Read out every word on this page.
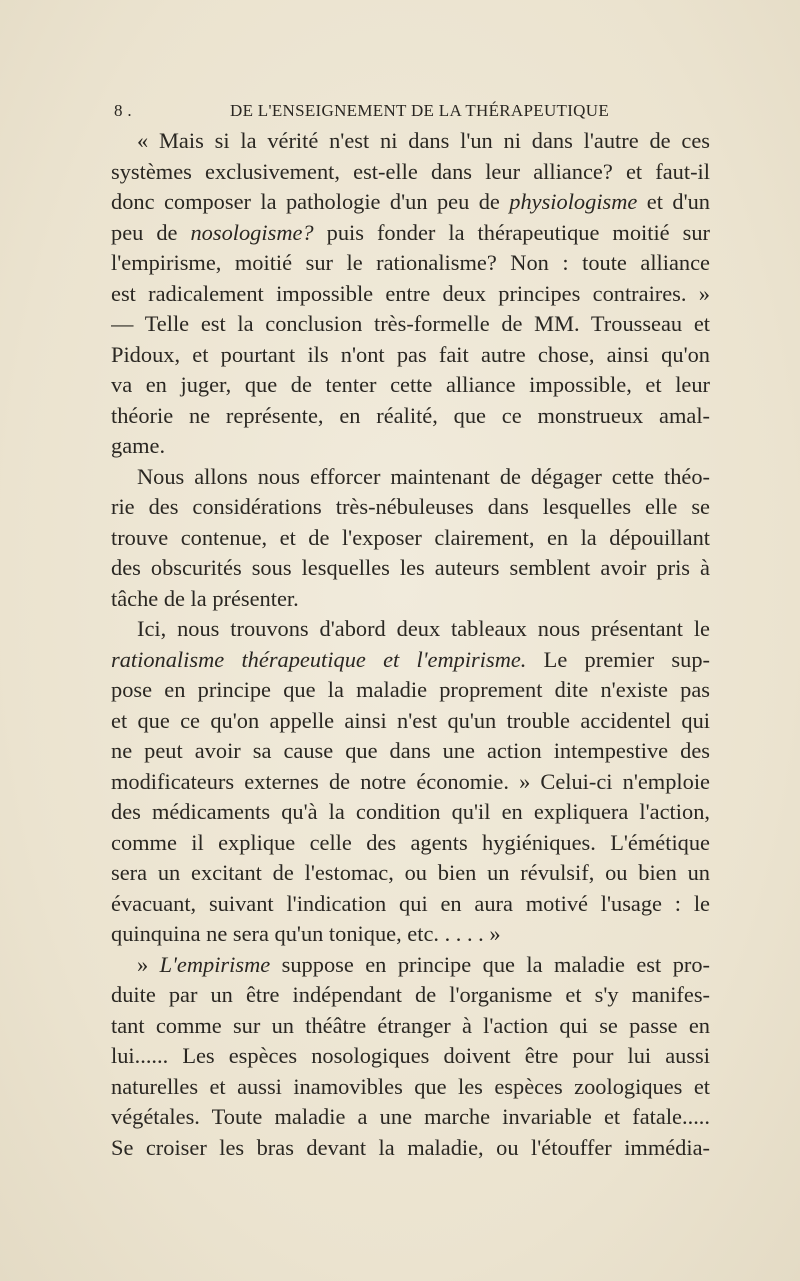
8 .	DE L'ENSEIGNEMENT DE LA THÉRAPEUTIQUE
« Mais si la vérité n'est ni dans l'un ni dans l'autre de ces
systèmes exclusivement, est-elle dans leur alliance? et faut-il
donc composer la pathologie d'un peu de physiologisme et d'un
peu de nosologisme? puis fonder la thérapeutique moitié sur
l'empirisme, moitié sur le rationalisme? Non : toute alliance
est radicalement impossible entre deux principes contraires. »
— Telle est la conclusion très-formelle de MM. Trousseau et
Pidoux, et pourtant ils n'ont pas fait autre chose, ainsi qu'on
va en juger, que de tenter cette alliance impossible, et leur
théorie ne représente, en réalité, que ce monstrueux amal-
game.
Nous allons nous efforcer maintenant de dégager cette théo-
rie des considérations très-nébuleuses dans lesquelles elle se
trouve contenue, et de l'exposer clairement, en la dépouillant
des obscurités sous lesquelles les auteurs semblent avoir pris à
tâche de la présenter.
Ici, nous trouvons d'abord deux tableaux nous présentant le
rationalisme thérapeutique et l'empirisme. Le premier sup-
pose en principe que la maladie proprement dite n'existe pas
et que ce qu'on appelle ainsi n'est qu'un trouble accidentel qui
ne peut avoir sa cause que dans une action intempestive des
modificateurs externes de notre économie. » Celui-ci n'emploie
des médicaments qu'à la condition qu'il en expliquera l'action,
comme il explique celle des agents hygiéniques. L'émétique
sera un excitant de l'estomac, ou bien un révulsif, ou bien un
évacuant, suivant l'indication qui en aura motivé l'usage : le
quinquina ne sera qu'un tonique, etc. . . . . »
» L'empirisme suppose en principe que la maladie est pro-
duite par un être indépendant de l'organisme et s'y manifes-
tant comme sur un théâtre étranger à l'action qui se passe en
lui...... Les espèces nosologiques doivent être pour lui aussi
naturelles et aussi inamovibles que les espèces zoologiques et
végétales. Toute maladie a une marche invariable et fatale.....
Se croiser les bras devant la maladie, ou l'étouffer immédia-
